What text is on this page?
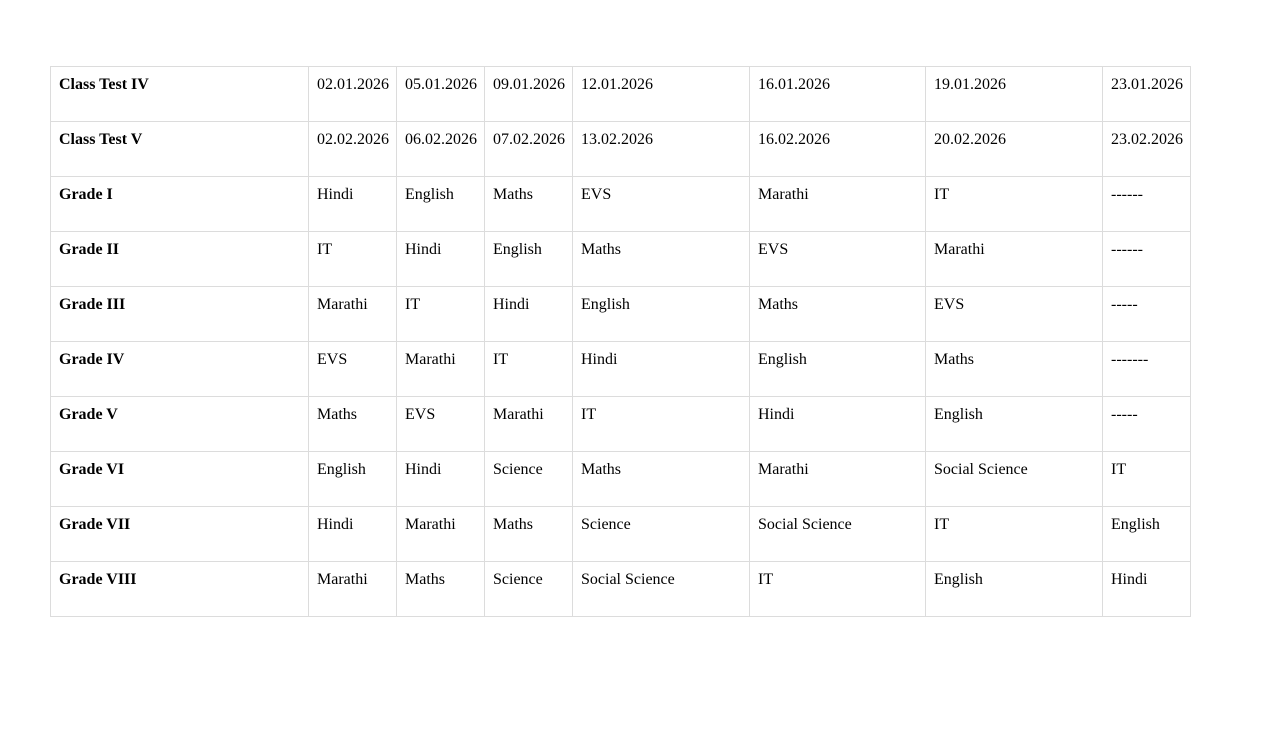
Class Test IV	02.01.2026	05.01.2026	09.01.2026	12.01.2026	16.01.2026	19.01.2026	23.01.2026
Class Test V	02.02.2026	06.02.2026	07.02.2026	13.02.2026	16.02.2026	20.02.2026	23.02.2026
Grade I	Hindi	English	Maths	EVS	Marathi	IT	------
Grade II	IT	Hindi	English	Maths	EVS	Marathi	------
Grade III	Marathi	IT	Hindi	English	Maths	EVS	-----
Grade IV	EVS	Marathi	IT	Hindi	English	Maths	-------
Grade V	Maths	EVS	Marathi	IT	Hindi	English	-----
Grade VI	English	Hindi	Science	Maths	Marathi	Social Science	IT
Grade VII	Hindi	Marathi	Maths	Science	Social Science	IT	English
Grade VIII	Marathi	Maths	Science	Social Science	IT	English	Hindi
